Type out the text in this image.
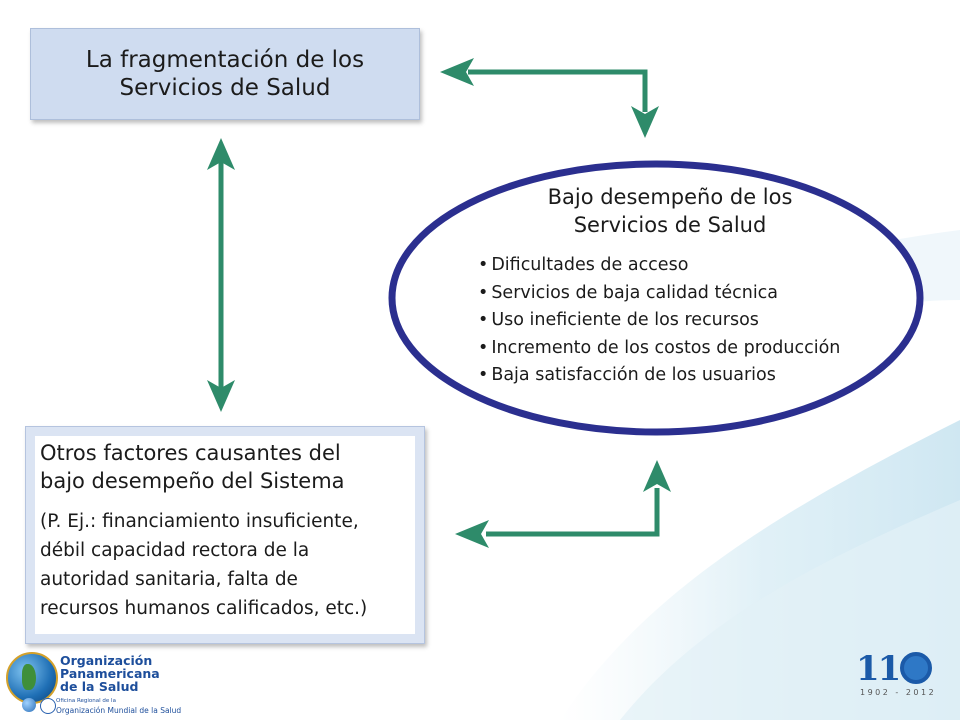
La fragmentación de los
Servicios de Salud
Bajo desempeño de los
Servicios de Salud
• Dificultades de acceso
• Servicios de baja calidad técnica
• Uso ineficiente de los recursos
• Incremento de los costos de producción
• Baja satisfacción de los usuarios
Otros factores causantes del
bajo desempeño del Sistema
(P. Ej.: financiamiento insuficiente,
débil capacidad rectora de la
autoridad sanitaria, falta de
recursos humanos calificados, etc.)
Organización
Panamericana
de la Salud
Oficina Regional de la
Organización Mundial de la Salud
11
1902 - 2012
